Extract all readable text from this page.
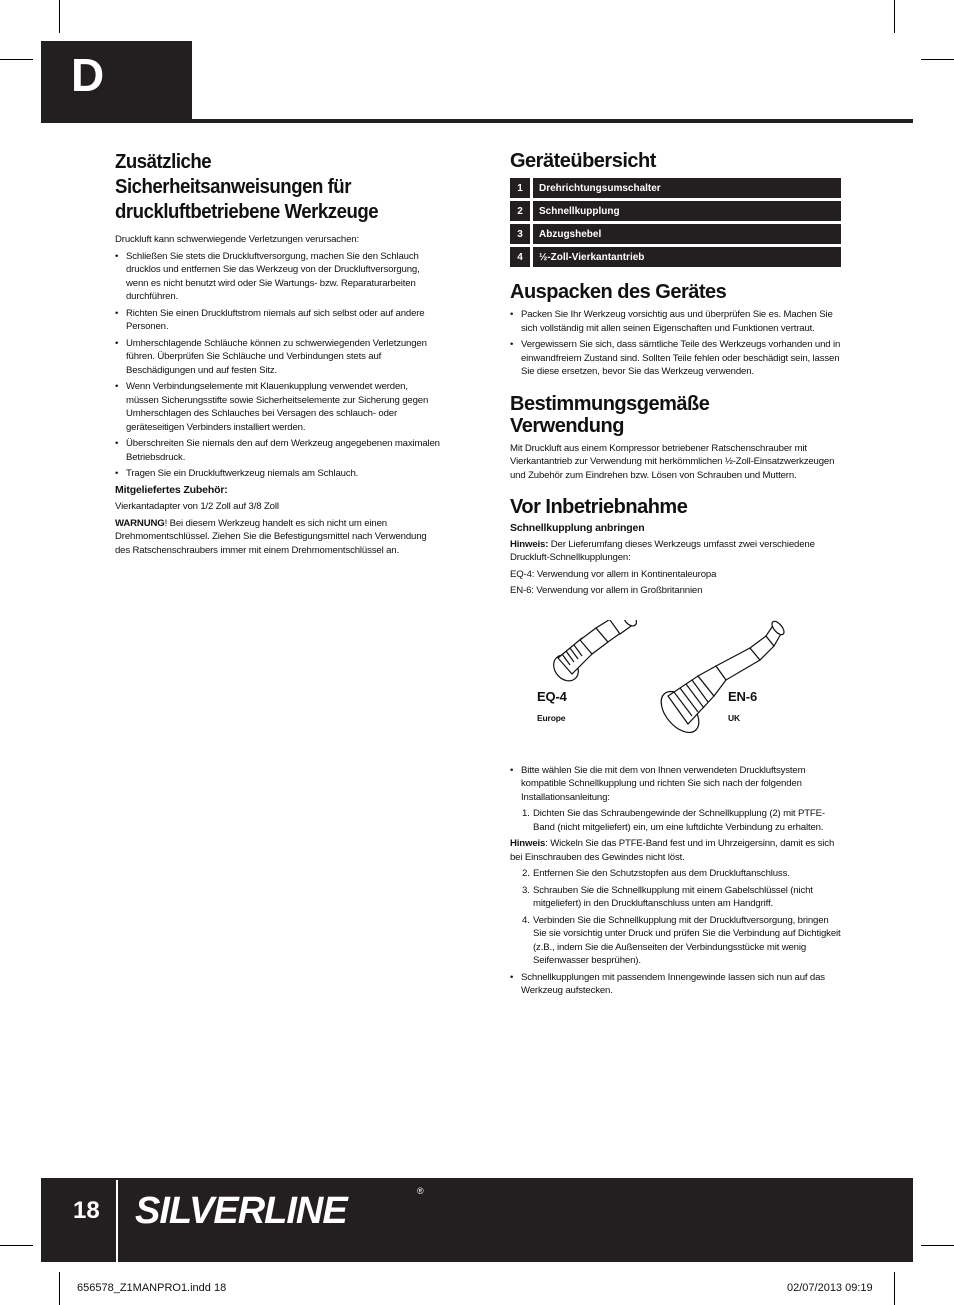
D
Zusätzliche Sicherheitsanweisungen für druckluftbetriebene Werkzeuge

Druckluft kann schwerwiegende Verletzungen verursachen:

• Schließen Sie stets die Druckluftversorgung, machen Sie den Schlauch drucklos und entfernen Sie das Werkzeug von der Druckluftversorgung, wenn es nicht benutzt wird oder Sie Wartungs- bzw. Reparaturarbeiten durchführen.
• Richten Sie einen Druckluftstrom niemals auf sich selbst oder auf andere Personen.
• Umherschlagende Schläuche können zu schwerwiegenden Verletzungen führen. Überprüfen Sie Schläuche und Verbindungen stets auf Beschädigungen und auf festen Sitz.
• Wenn Verbindungselemente mit Klauenkupplung verwendet werden, müssen Sicherungsstifte sowie Sicherheitselemente zur Sicherung gegen Umherschlagen des Schlauches bei Versagen des schlauch- oder geräteseitigen Verbinders installiert werden.
• Überschreiten Sie niemals den auf dem Werkzeug angegebenen maximalen Betriebsdruck.
• Tragen Sie ein Druckluftwerkzeug niemals am Schlauch.

Mitgeliefertes Zubehör:

Vierkantadapter von 1/2 Zoll auf 3/8 Zoll

WARNUNG! Bei diesem Werkzeug handelt es sich nicht um einen Drehmomentschlüssel. Ziehen Sie die Befestigungsmittel nach Verwendung des Ratschenschraubers immer mit einem Drehmomentschlüssel an.

Geräteübersicht
1	Drehrichtungsumschalter
2	Schnellkupplung
3	Abzugshebel
4	½-Zoll-Vierkantantrieb
Auspacken des Gerätes
• Packen Sie Ihr Werkzeug vorsichtig aus und überprüfen Sie es. Machen Sie sich vollständig mit allen seinen Eigenschaften und Funktionen vertraut.
• Vergewissern Sie sich, dass sämtliche Teile des Werkzeugs vorhanden und in einwandfreiem Zustand sind. Sollten Teile fehlen oder beschädigt sein, lassen Sie diese ersetzen, bevor Sie das Werkzeug verwenden.
Bestimmungsgemäße Verwendung

Mit Druckluft aus einem Kompressor betriebener Ratschenschrauber mit Vierkantantrieb zur Verwendung mit herkömmlichen ½-Zoll-Einsatzwerkzeugen und Zubehör zum Eindrehen bzw. Lösen von Schrauben und Muttern.

Vor Inbetriebnahme

Schnellkupplung anbringen

Hinweis: Der Lieferumfang dieses Werkzeugs umfasst zwei verschiedene Druckluft-Schnellkupplungen:

EQ-4: Verwendung vor allem in Kontinentaleuropa

EN-6: Verwendung vor allem in Großbritannien

EQ-4
Europe
EN-6
UK
• Bitte wählen Sie die mit dem von Ihnen verwendeten Druckluftsystem kompatible Schnellkupplung und richten Sie sich nach der folgenden Installationsanleitung:
1. Dichten Sie das Schraubengewinde der Schnellkupplung (2) mit PTFE-Band (nicht mitgeliefert) ein, um eine luftdichte Verbindung zu erhalten.

Hinweis: Wickeln Sie das PTFE-Band fest und im Uhrzeigersinn, damit es sich bei Einschrauben des Gewindes nicht löst.

2. Entfernen Sie den Schutzstopfen aus dem Druckluftanschluss.
3. Schrauben Sie die Schnellkupplung mit einem Gabelschlüssel (nicht mitgeliefert) in den Druckluftanschluss unten am Handgriff.
4. Verbinden Sie die Schnellkupplung mit der Druckluftversorgung, bringen Sie sie vorsichtig unter Druck und prüfen Sie die Verbindung auf Dichtigkeit (z.B., indem Sie die Außenseiten der Verbindungsstücke mit wenig Seifenwasser besprühen).
• Schnellkupplungen mit passendem Innengewinde lassen sich nun auf das Werkzeug aufstecken.
18 SILVERLINE	®
656578_Z1MANPRO1.indd 18	02/07/2013 09:19
